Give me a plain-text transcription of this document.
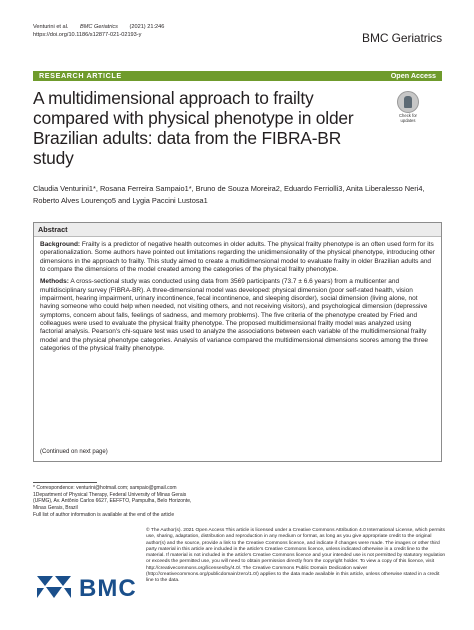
Venturini et al. BMC Geriatrics (2021) 21:246
https://doi.org/10.1186/s12877-021-02193-y	BMC Geriatrics
RESEARCH ARTICLE	Open Access
A multidimensional approach to frailty compared with physical phenotype in older Brazilian adults: data from the FIBRA-BR study
Check for
updates
Claudia Venturini1*, Rosana Ferreira Sampaio1*, Bruno de Souza Moreira2, Eduardo Ferriolli3, Anita Liberalesso Neri4, Roberto Alves Lourenço5 and Lygia Paccini Lustosa1
Abstract

Background: Frailty is a predictor of negative health outcomes in older adults. The physical frailty phenotype is an often used form for its operationalization. Some authors have pointed out limitations regarding the unidimensionality of the physical phenotype, introducing other dimensions in the approach to frailty. This study aimed to create a multidimensional model to evaluate frailty in older Brazilian adults and to compare the dimensions of the model created among the categories of the physical frailty phenotype.

Methods: A cross-sectional study was conducted using data from 3569 participants (73.7 ± 6.6 years) from a multicenter and multidisciplinary survey (FIBRA-BR). A three-dimensional model was developed: physical dimension (poor self-rated health, vision impairment, hearing impairment, urinary incontinence, fecal incontinence, and sleeping disorder), social dimension (living alone, not having someone who could help when needed, not visiting others, and not receiving visitors), and psychological dimension (depressive symptoms, concern about falls, feelings of sadness, and memory problems). The five criteria of the phenotype created by Fried and colleagues were used to evaluate the physical frailty phenotype. The proposed multidimensional frailty model was analyzed using factorial analysis. Pearson's chi-square test was used to analyze the associations between each variable of the multidimensional frailty model and the physical phenotype categories. Analysis of variance compared the multidimensional dimensions scores among the three categories of the physical frailty phenotype.

(Continued on next page)
* Correspondence: venturini@hotmail.com; sampaio@gmail.com
1Department of Physical Therapy, Federal University of Minas Gerais (UFMG), Av. Antônio Carlos 6627, EEFFTO, Pampulha, Belo Horizonte, Minas Gerais, Brazil
Full list of author information is available at the end of the article
BMC
© The Author(s). 2021 Open Access This article is licensed under a Creative Commons Attribution 4.0 International License, which permits use, sharing, adaptation, distribution and reproduction in any medium or format, as long as you give appropriate credit to the original author(s) and the source, provide a link to the Creative Commons licence, and indicate if changes were made. The images or other third party material in this article are included in the article's Creative Commons licence, unless indicated otherwise in a credit line to the material. If material is not included in the article's Creative Commons licence and your intended use is not permitted by statutory regulation or exceeds the permitted use, you will need to obtain permission directly from the copyright holder. To view a copy of this licence, visit http://creativecommons.org/licenses/by/4.0/. The Creative Commons Public Domain Dedication waiver (http://creativecommons.org/publicdomain/zero/1.0/) applies to the data made available in this article, unless otherwise stated in a credit line to the data.
